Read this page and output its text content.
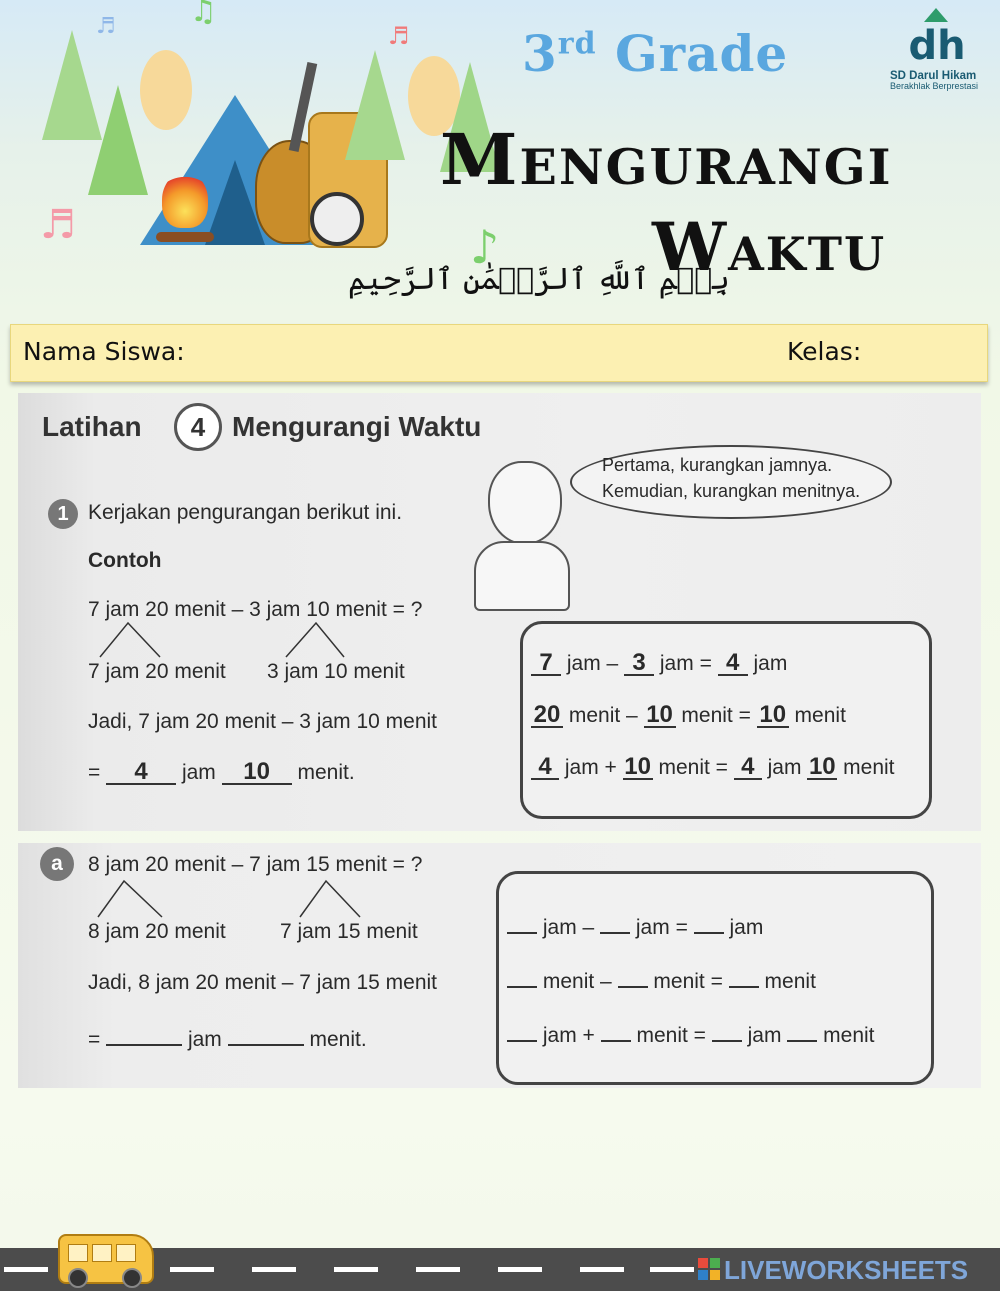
♬ ♫
♬
♬	♪
3rd Grade
Mengurangi
Waktu
بِسۡمِ ٱللَّهِ ٱلرَّحۡمَٰنِ ٱلرَّحِيمِ
dh
SD Darul Hikam
Berakhlak Berprestasi
Nama Siswa:	Kelas:
Latihan	4 Mengurangi Waktu
Pertama, kurangkan jamnya.
Kemudian, kurangkan menitnya.
1 Kerjakan pengurangan berikut ini.
Contoh
7 jam 20 menit – 3 jam 10 menit = ?
7 jam 20 menit 3 jam 10 menit
Jadi, 7 jam 20 menit – 3 jam 10 menit
= 4 jam 10 menit.
7 jam – 3 jam = 4 jam
20 menit – 10 menit = 10 menit
4 jam + 10 menit = 4 jam 10 menit
a	8 jam 20 menit – 7 jam 15 menit = ?
8 jam 20 menit	7 jam 15 menit
Jadi, 8 jam 20 menit – 7 jam 15 menit
=	jam	menit.
jam – jam = jam
menit – menit = menit
jam + menit = jam menit
LIVEWORKSHEETS
